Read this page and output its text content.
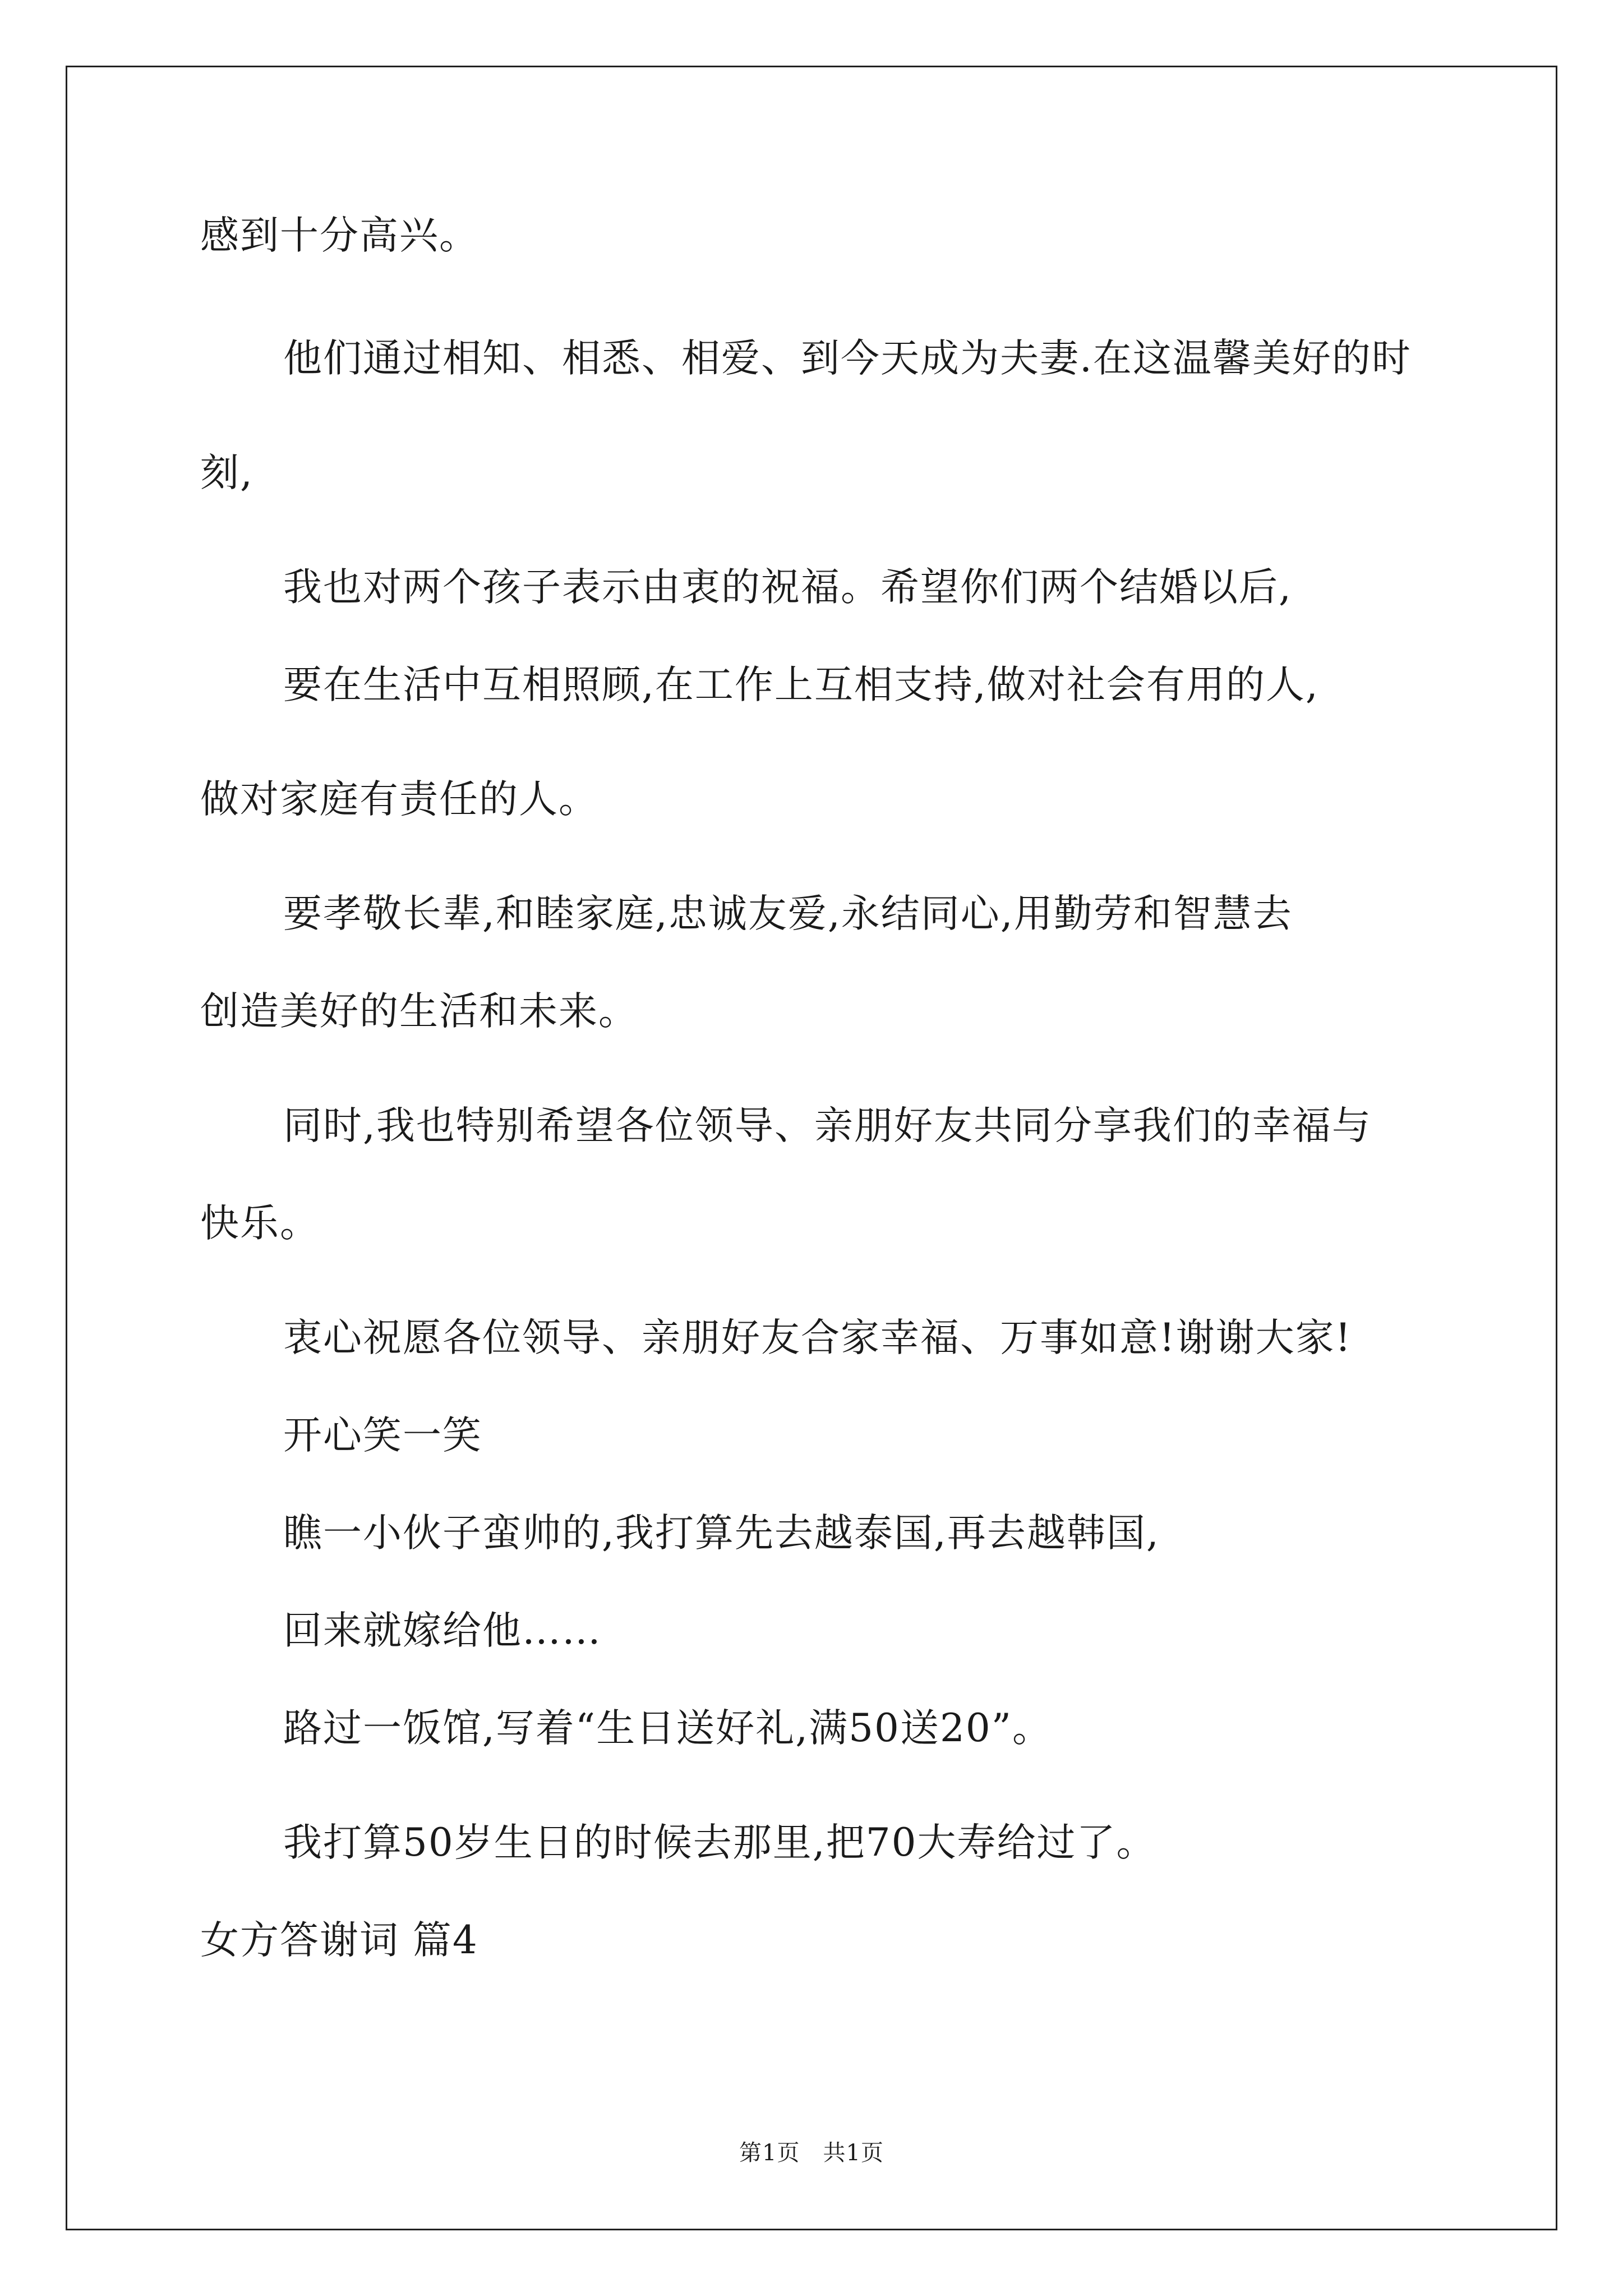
感到十分高兴。
他们通过相知、相悉、相爱、到今天成为夫妻.在这温馨美好的时
刻,
我也对两个孩子表示由衷的祝福。希望你们两个结婚以后,
要在生活中互相照顾,在工作上互相支持,做对社会有用的人,
做对家庭有责任的人。
要孝敬长辈,和睦家庭,忠诚友爱,永结同心,用勤劳和智慧去
创造美好的生活和未来。
同时,我也特别希望各位领导、亲朋好友共同分享我们的幸福与
快乐。
衷心祝愿各位领导、亲朋好友合家幸福、万事如意!谢谢大家!
开心笑一笑
瞧一小伙子蛮帅的,我打算先去越泰国,再去越韩国,
回来就嫁给他……
路过一饭馆,写着“生日送好礼,满50送20”。
我打算50岁生日的时候去那里,把70大寿给过了。
女方答谢词 篇4
第1页　共1页
